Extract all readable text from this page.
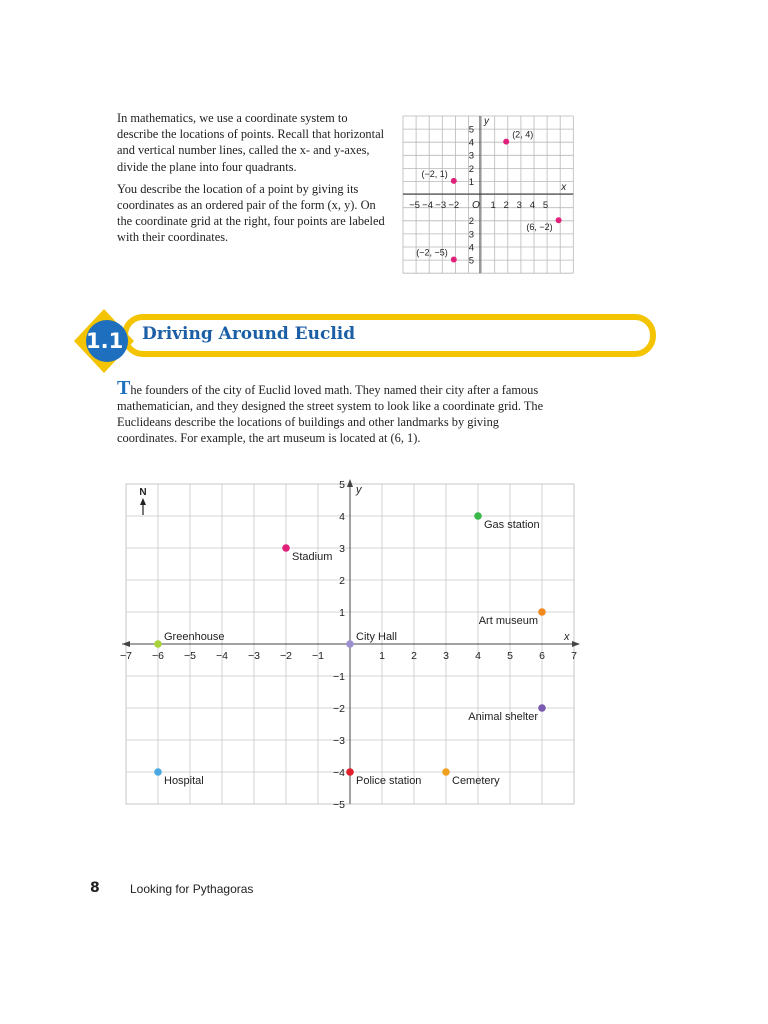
In mathematics, we use a coordinate system to describe the locations of points. Recall that horizontal and vertical number lines, called the x- and y-axes, divide the plane into four quadrants.

You describe the location of a point by giving its coordinates as an ordered pair of the form (x, y). On the coordinate grid at the right, four points are labeled with their coordinates.

x
y
O
−5 −4 −3 −2	1 2 3 4 5
5
4
3
2
1
2
3
4
5
(2, 4)
(−2, 1)
(6, −2)
(−2, −5)
1.1 Driving Around Euclid
The founders of the city of Euclid loved math. They named their city after a famous mathematician, and they designed the street system to look like a coordinate grid. The Euclideans describe the locations of buildings and other landmarks by giving coordinates. For example, the art museum is located at (6, 1).
x
y
−7 −6 −5 −4 −3 −2 −1	1 2 3 4 5 6 7
5
4
3
2
1
−1
−2
−3
−4
−5
N
Gas station
Stadium
Art museum
Greenhouse	City Hall
Animal shelter
Hospital	Police station	Cemetery
8	Looking for Pythagoras
